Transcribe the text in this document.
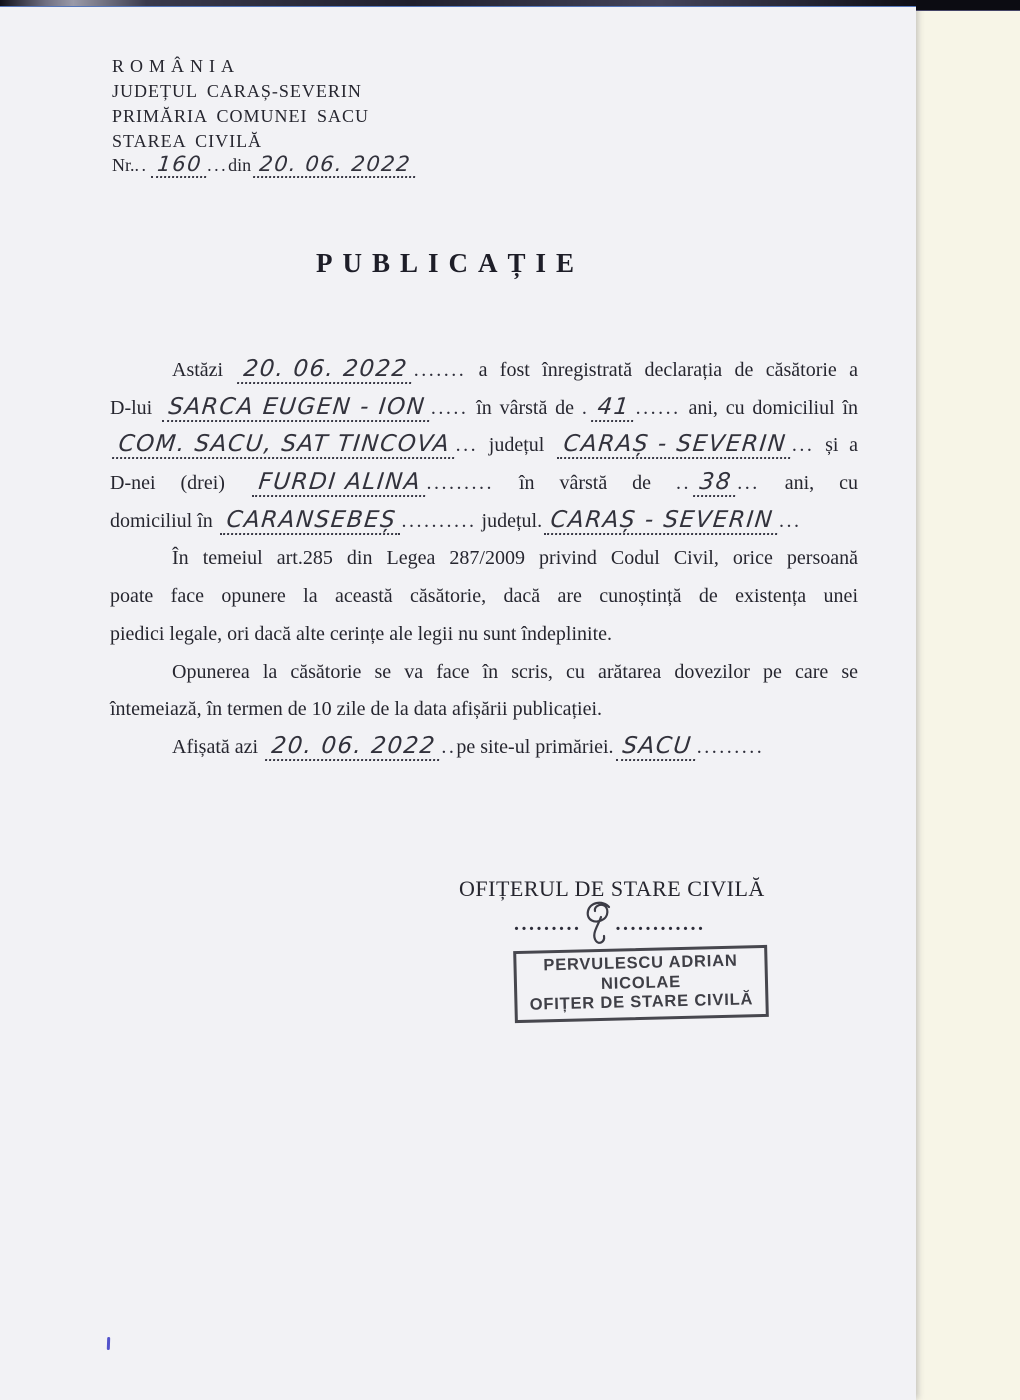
ROMÂNIA
JUDEȚUL CARAȘ-SEVERIN
PRIMĂRIA COMUNEI SACU
STAREA CIVILĂ
Nr... 160 ...din 20. 06. 2022
PUBLICAȚIE
Astăzi 20. 06. 2022 ....... a fost înregistrată declarația de căsătorie a
D-lui SARCA EUGEN - ION ..... în vârstă de . 41 ...... ani, cu domiciliul în
COM. SACU, SAT TINCOVA ... județul CARAȘ - SEVERIN ... și a
D-nei (drei) FURDI ALINA ......... în vârstă de .. 38 ... ani, cu
domiciliul în CARANSEBEȘ .......... județul. CARAȘ - SEVERIN ...
În temeiul art.285 din Legea 287/2009 privind Codul Civil, orice persoană
poate face opunere la această căsătorie, dacă are cunoștință de existența unei
piedici legale, ori dacă alte cerințe ale legii nu sunt îndeplinite.
Opunerea la căsătorie se va face în scris, cu arătarea dovezilor pe care se
întemeiază, în termen de 10 zile de la data afișării publicației.
Afișată azi 20. 06. 2022 ..pe site-ul primăriei. SACU .........
OFIȚERUL DE STARE CIVILĂ
......... ............
PERVULESCU ADRIAN NICOLAE
OFIȚER DE STARE CIVILĂ
